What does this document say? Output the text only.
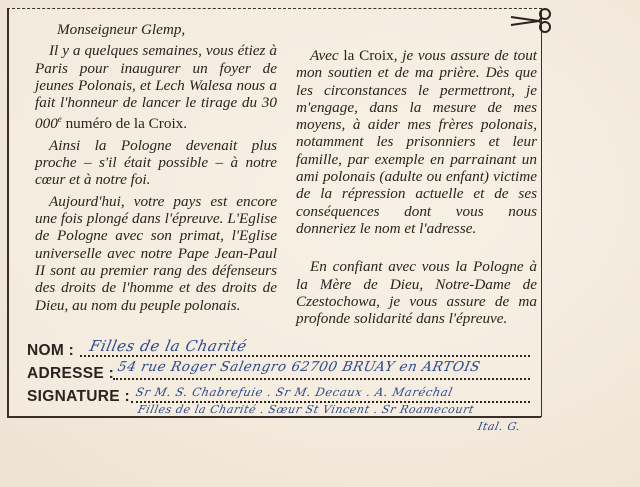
Monseigneur Glemp,

Il y a quelques semaines, vous étiez à Paris pour inaugurer un foyer de jeunes Polonais, et Lech Walesa nous a fait l'honneur de lancer le tirage du 30 000e numéro de la Croix.

Ainsi la Pologne devenait plus proche – s'il était possible – à notre cœur et à notre foi.

Aujourd'hui, votre pays est encore une fois plongé dans l'épreuve. L'Eglise de Pologne avec son primat, l'Eglise universelle avec notre Pape Jean-Paul II sont au premier rang des défenseurs des droits de l'homme et des droits de Dieu, au nom du peuple polonais.

Avec la Croix, je vous assure de tout mon soutien et de ma prière. Dès que les circonstances le permettront, je m'engage, dans la mesure de mes moyens, à aider mes frères polonais, notamment les prisonniers et leur famille, par exemple en parrainant un ami polonais (adulte ou enfant) victime de la répression actuelle et de ses conséquences dont vous nous donneriez le nom et l'adresse.

En confiant avec vous la Pologne à la Mère de Dieu, Notre-Dame de Czestochowa, je vous assure de ma profonde solidarité dans l'épreuve.

NOM : Filles de la Charité
ADRESSE : 54 rue Roger Salengro 62700 BRUAY en ARTOIS
SIGNATURE : Sr M. S. Chabrefuie . Sr M. Decaux . A. Maréchal
Filles de la Charité . Sœur St Vincent . Sr Roamecourt
Ital. G.
